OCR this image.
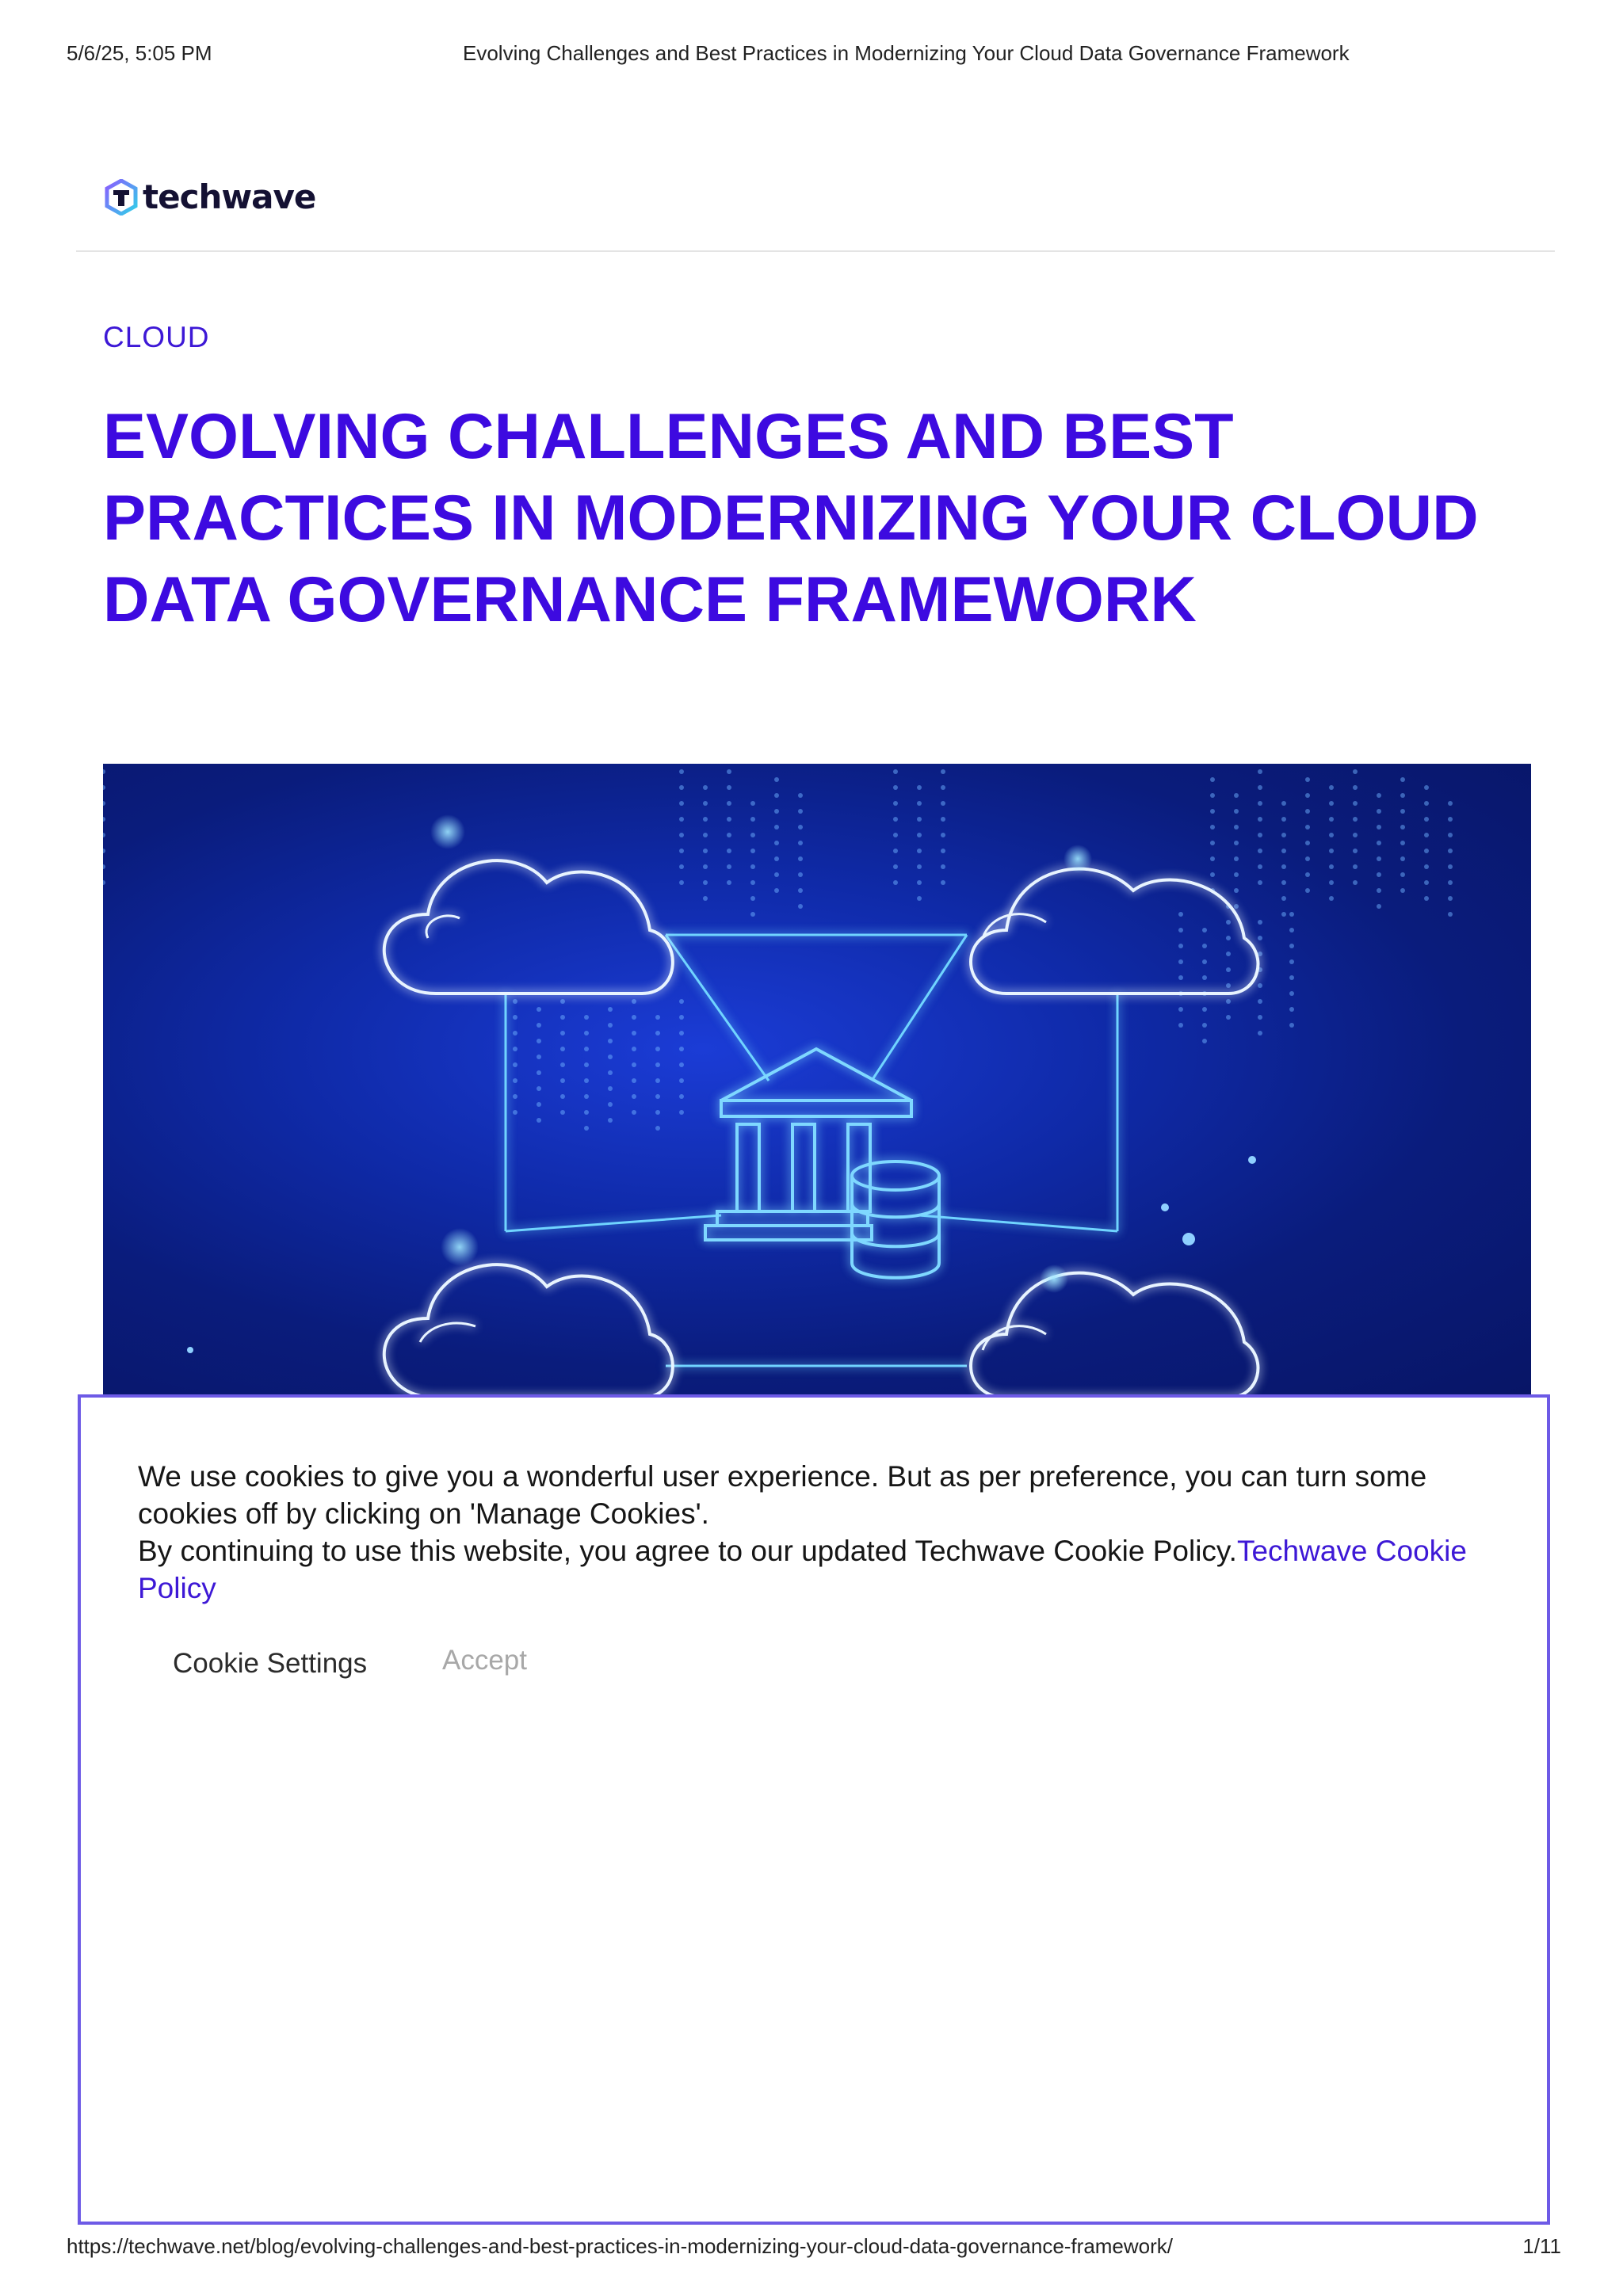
5/6/25, 5:05 PM	Evolving Challenges and Best Practices in Modernizing Your Cloud Data Governance Framework
techwave
CLOUD
EVOLVING CHALLENGES AND BEST PRACTICES IN MODERNIZING YOUR CLOUD DATA GOVERNANCE FRAMEWORK

We use cookies to give you a wonderful user experience. But as per preference, you can turn some cookies off by clicking on 'Manage Cookies'.

By continuing to use this website, you agree to our updated Techwave Cookie Policy.Techwave Cookie Policy

Cookie Settings	Accept
https://techwave.net/blog/evolving-challenges-and-best-practices-in-modernizing-your-cloud-data-governance-framework/	1/11
